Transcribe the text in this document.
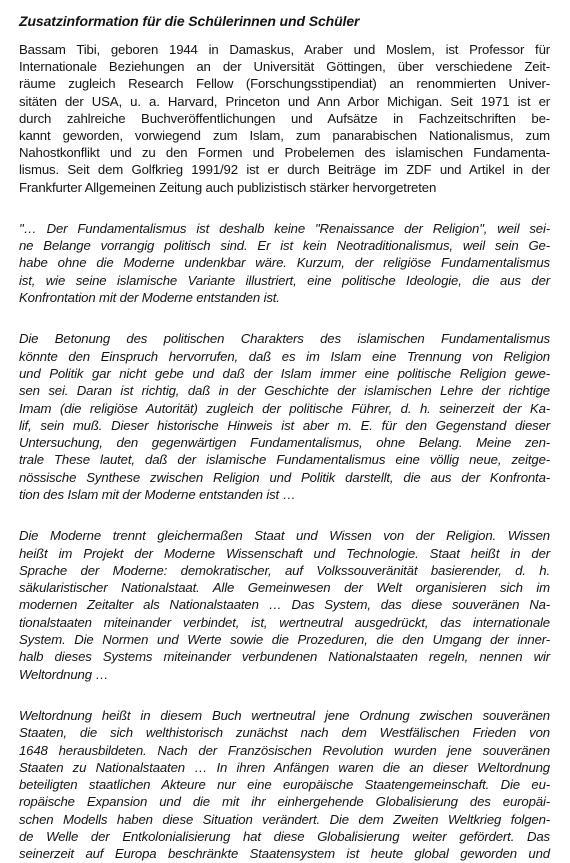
Zusatzinformation für die Schülerinnen und Schüler
Bassam Tibi, geboren 1944 in Damaskus, Araber und Moslem, ist Professor für
Internationale Beziehungen an der Universität Göttingen, über verschiedene Zeit-
räume zugleich Research Fellow (Forschungsstipendiat) an renommierten Univer-
sitäten der USA, u. a. Harvard, Princeton und Ann Arbor Michigan. Seit 1971 ist er
durch zahlreiche Buchveröffentlichungen und Aufsätze in Fachzeitschriften be-
kannt geworden, vorwiegend zum Islam, zum panarabischen Nationalismus, zum
Nahostkonflikt und zu den Formen und Probelemen des islamischen Fundamenta-
lismus. Seit dem Golfkrieg 1991/92 ist er durch Beiträge im ZDF und Artikel in der
Frankfurter Allgemeinen Zeitung auch publizistisch stärker hervorgetreten
"… Der Fundamentalismus ist deshalb keine "Renaissance der Religion", weil sei-
ne Belange vorrangig politisch sind. Er ist kein Neotraditionalismus, weil sein Ge-
habe ohne die Moderne undenkbar wäre. Kurzum, der religiöse Fundamentalismus
ist, wie seine islamische Variante illustriert, eine politische Ideologie, die aus der
Konfrontation mit der Moderne entstanden ist.
Die Betonung des politischen Charakters des islamischen Fundamentalismus
könnte den Einspruch hervorrufen, daß es im Islam eine Trennung von Religion
und Politik gar nicht gebe und daß der Islam immer eine politische Religion gewe-
sen sei. Daran ist richtig, daß in der Geschichte der islamischen Lehre der richtige
Imam (die religiöse Autorität) zugleich der politische Führer, d. h. seinerzeit der Ka-
lif, sein muß. Dieser historische Hinweis ist aber m. E. für den Gegenstand dieser
Untersuchung, den gegenwärtigen Fundamentalismus, ohne Belang. Meine zen-
trale These lautet, daß der islamische Fundamentalismus eine völlig neue, zeitge-
nössische Synthese zwischen Religion und Politik darstellt, die aus der Konfronta-
tion des Islam mit der Moderne entstanden ist …
Die Moderne trennt gleichermaßen Staat und Wissen von der Religion. Wissen
heißt im Projekt der Moderne Wissenschaft und Technologie. Staat heißt in der
Sprache der Moderne: demokratischer, auf Volkssouveränität basierender, d. h.
säkularistischer Nationalstaat. Alle Gemeinwesen der Welt organisieren sich im
modernen Zeitalter als Nationalstaaten … Das System, das diese souveränen Na-
tionalstaaten miteinander verbindet, ist, wertneutral ausgedrückt, das internationale
System. Die Normen und Werte sowie die Prozeduren, die den Umgang der inner-
halb dieses Systems miteinander verbundenen Nationalstaaten regeln, nennen wir
Weltordnung …
Weltordnung heißt in diesem Buch wertneutral jene Ordnung zwischen souveränen
Staaten, die sich welthistorisch zunächst nach dem Westfälischen Frieden von
1648 herausbildeten. Nach der Französischen Revolution wurden jene souveränen
Staaten zu Nationalstaaten … In ihren Anfängen waren die an dieser Weltordnung
beteiligten staatlichen Akteure nur eine europäische Staatengemeinschaft. Die eu-
ropäische Expansion und die mit ihr einhergehende Globalisierung des europäi-
schen Modells haben diese Situation verändert. Die dem Zweiten Weltkrieg folgen-
de Welle der Entkolonialisierung hat diese Globalisierung weiter gefördert. Das
seinerzeit auf Europa beschränkte Staatensystem ist heute global geworden und
